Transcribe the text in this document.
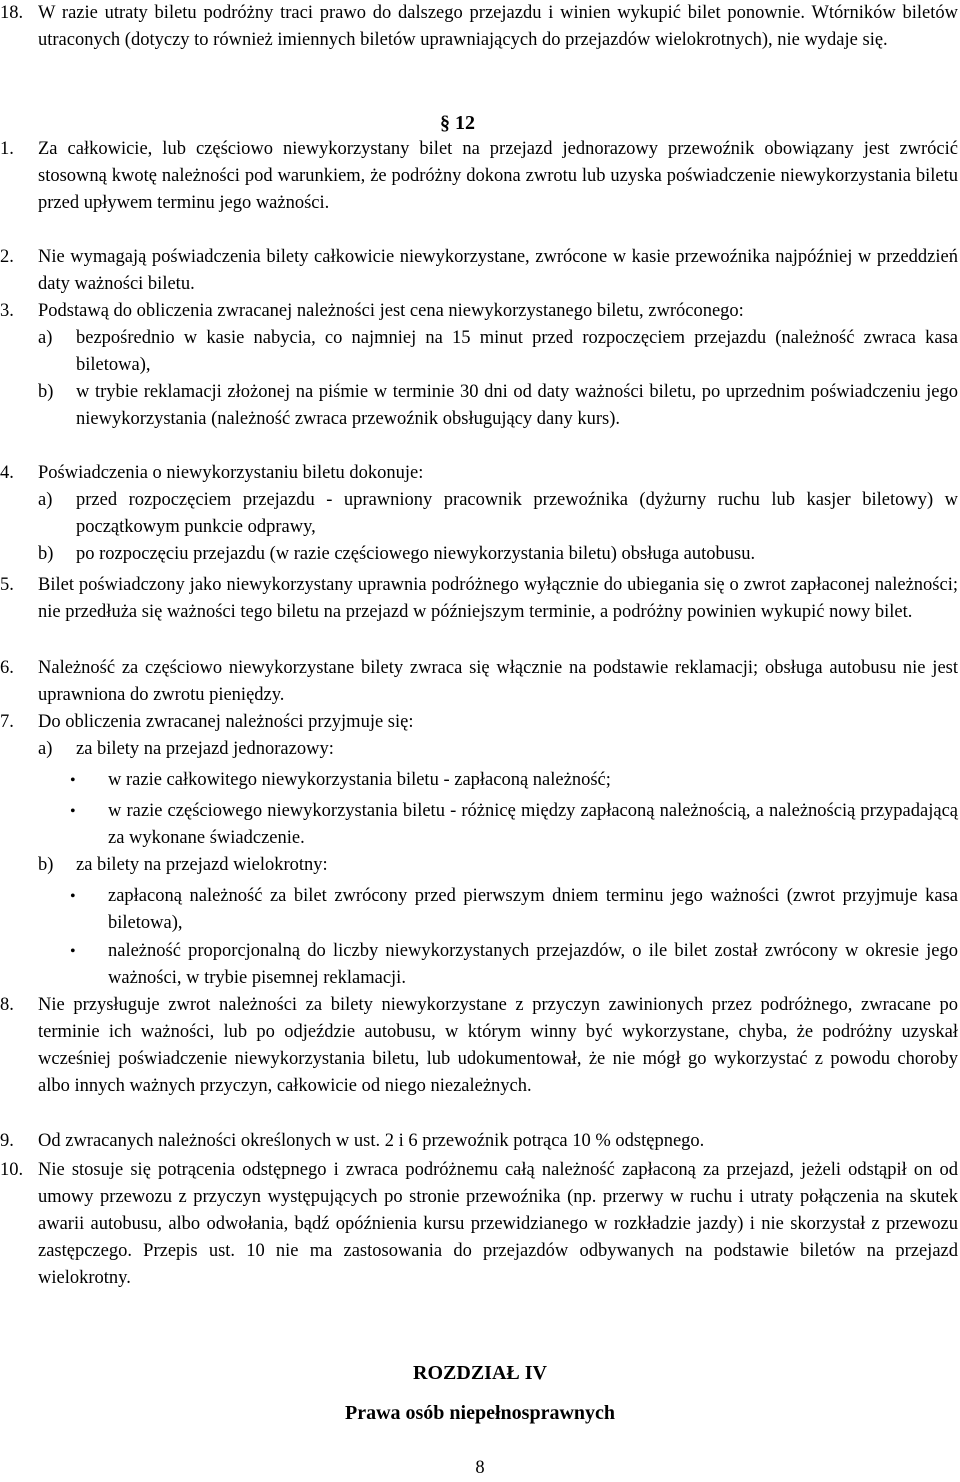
18. W razie utraty biletu podróżny traci prawo do dalszego przejazdu i winien wykupić bilet ponownie. Wtórników biletów utraconych (dotyczy to również imiennych biletów uprawniających do przejazdów wielokrotnych), nie wydaje się.
§ 12
1. Za całkowicie, lub częściowo niewykorzystany bilet na przejazd jednorazowy przewoźnik obowiązany jest zwrócić stosowną kwotę należności pod warunkiem, że podróżny dokona zwrotu lub uzyska poświadczenie niewykorzystania biletu przed upływem terminu jego ważności.
2. Nie wymagają poświadczenia bilety całkowicie niewykorzystane, zwrócone w kasie przewoźnika najpóźniej w przeddzień daty ważności biletu.
3. Podstawą do obliczenia zwracanej należności jest cena niewykorzystanego biletu, zwróconego:
a) bezpośrednio w kasie nabycia, co najmniej na 15 minut przed rozpoczęciem przejazdu (należność zwraca kasa biletowa),
b) w trybie reklamacji złożonej na piśmie w terminie 30 dni od daty ważności biletu, po uprzednim poświadczeniu jego niewykorzystania (należność zwraca przewoźnik obsługujący dany kurs).
4. Poświadczenia o niewykorzystaniu biletu dokonuje:
a) przed rozpoczęciem przejazdu - uprawniony pracownik przewoźnika (dyżurny ruchu lub kasjer biletowy) w początkowym punkcie odprawy,
b) po rozpoczęciu przejazdu (w razie częściowego niewykorzystania biletu) obsługa autobusu.
5. Bilet poświadczony jako niewykorzystany uprawnia podróżnego wyłącznie do ubiegania się o zwrot zapłaconej należności; nie przedłuża się ważności tego biletu na przejazd w późniejszym terminie, a podróżny powinien wykupić nowy bilet.
6. Należność za częściowo niewykorzystane bilety zwraca się włącznie na podstawie reklamacji; obsługa autobusu nie jest uprawniona do zwrotu pieniędzy.
7. Do obliczenia zwracanej należności przyjmuje się:
a) za bilety na przejazd jednorazowy:
• w razie całkowitego niewykorzystania biletu - zapłaconą należność;
• w razie częściowego niewykorzystania biletu - różnicę między zapłaconą należnością, a należnością przypadającą za wykonane świadczenie.
b) za bilety na przejazd wielokrotny:
• zapłaconą należność za bilet zwrócony przed pierwszym dniem terminu jego ważności (zwrot przyjmuje kasa biletowa),
• należność proporcjonalną do liczby niewykorzystanych przejazdów, o ile bilet został zwrócony w okresie jego ważności, w trybie pisemnej reklamacji.
8. Nie przysługuje zwrot należności za bilety niewykorzystane z przyczyn zawinionych przez podróżnego, zwracane po terminie ich ważności, lub po odjeździe autobusu, w którym winny być wykorzystane, chyba, że podróżny uzyskał wcześniej poświadczenie niewykorzystania biletu, lub udokumentował, że nie mógł go wykorzystać z powodu choroby albo innych ważnych przyczyn, całkowicie od niego niezależnych.
9. Od zwracanych należności określonych w ust. 2 i 6 przewoźnik potrąca 10 % odstępnego.
10. Nie stosuje się potrącenia odstępnego i zwraca podróżnemu całą należność zapłaconą za przejazd, jeżeli odstąpił on od umowy przewozu z przyczyn występujących po stronie przewoźnika (np. przerwy w ruchu i utraty połączenia na skutek awarii autobusu, albo odwołania, bądź opóźnienia kursu przewidzianego w rozkładzie jazdy) i nie skorzystał z przewozu zastępczego. Przepis ust. 10 nie ma zastosowania do przejazdów odbywanych na podstawie biletów na przejazd wielokrotny.
ROZDZIAŁ IV
Prawa osób niepełnosprawnych
8
